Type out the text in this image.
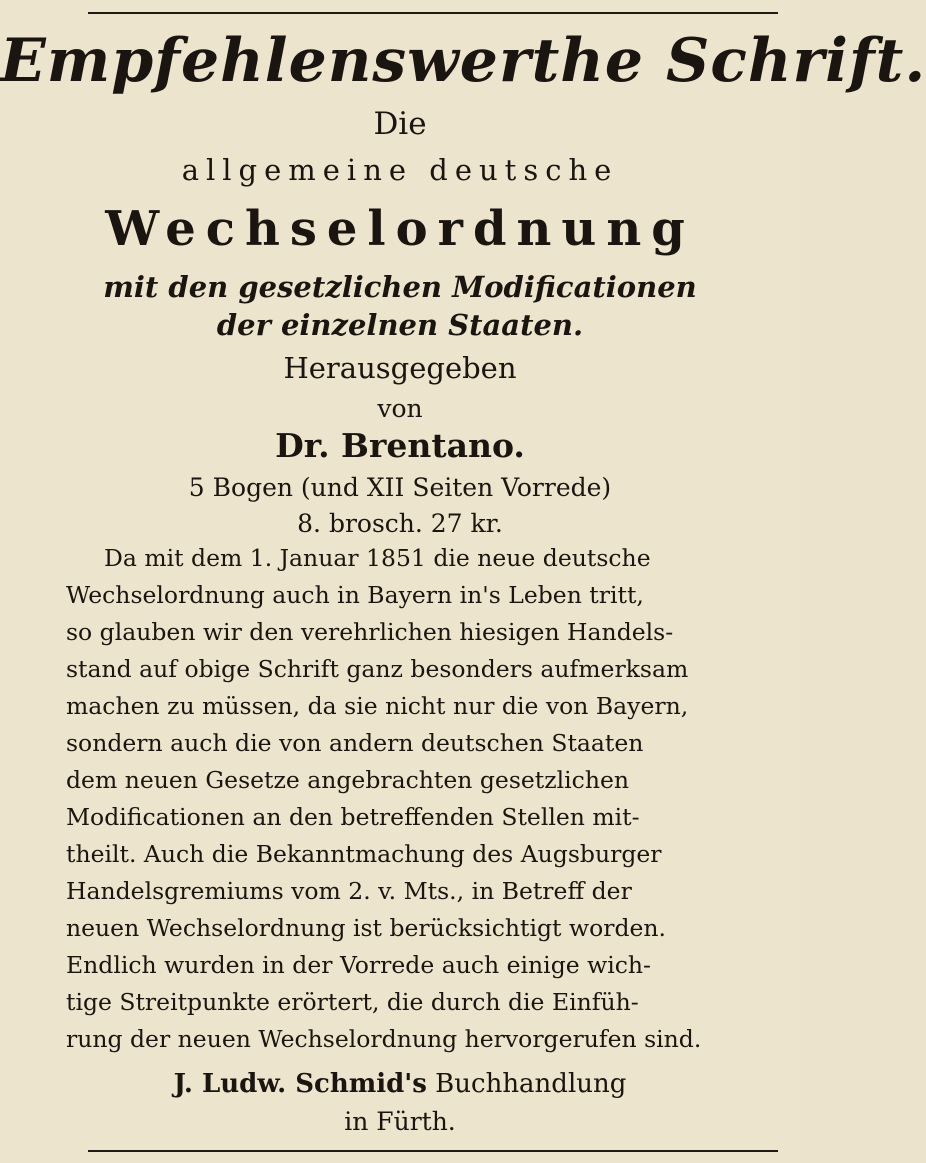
Empfehlenswerthe Schrift.
Die
allgemeine deutsche
Wechselordnung
mit den gesetzlichen Modificationen
der einzelnen Staaten.
Herausgegeben
von
Dr. Brentano.
5 Bogen (und XII Seiten Vorrede)
8. brosch. 27 kr.
Da mit dem 1. Januar 1851 die neue deutsche
Wechselordnung auch in Bayern in's Leben tritt,
so glauben wir den verehrlichen hiesigen Handels-
stand auf obige Schrift ganz besonders aufmerksam
machen zu müssen, da sie nicht nur die von Bayern,
sondern auch die von andern deutschen Staaten
dem neuen Gesetze angebrachten gesetzlichen
Modificationen an den betreffenden Stellen mit-
theilt. Auch die Bekanntmachung des Augsburger
Handelsgremiums vom 2. v. Mts., in Betreff der
neuen Wechselordnung ist berücksichtigt worden.
Endlich wurden in der Vorrede auch einige wich-
tige Streitpunkte erörtert, die durch die Einfüh-
rung der neuen Wechselordnung hervorgerufen sind.
J. Ludw. Schmid's Buchhandlung
in Fürth.
